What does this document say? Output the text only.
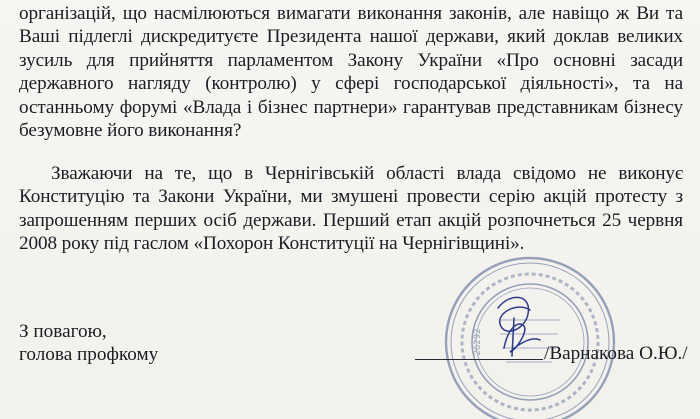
організацій, що насмілюються вимагати виконання законів, але навіщо ж Ви та Ваші підлеглі дискредитуєте Президента нашої держави, який доклав великих зусиль для прийняття парламентом Закону України «Про основні засади державного нагляду (контролю) у сфері господарської діяльності», та на останньому форумі «Влада і бізнес партнери» гарантував представникам бізнесу безумовне його виконання?

Зважаючи на те, що в Чернігівській області влада свідомо не виконує Конституцію та Закони України, ми змушені провести серію акцій протесту з запрошенням перших осіб держави. Перший етап акцій розпочнеться 25 червня 2008 року під гаслом «Похорон Конституції на Чернігівщині».

З повагою,
голова профкому	26292	/Варнакова О.Ю./
